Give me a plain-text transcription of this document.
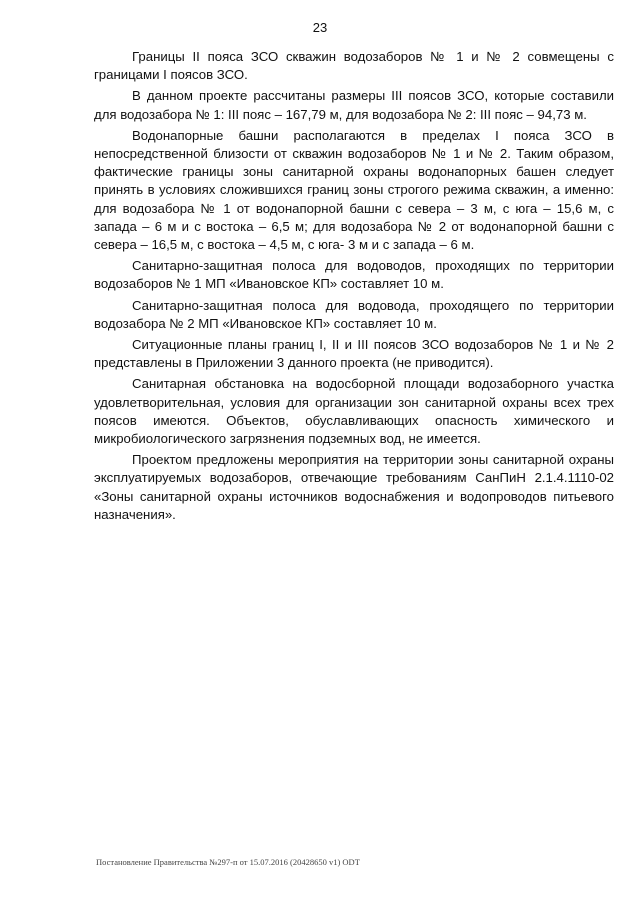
23

Границы II пояса ЗСО скважин водозаборов № 1 и № 2 совмещены с границами I поясов ЗСО.

В данном проекте рассчитаны размеры III поясов ЗСО, которые составили для водозабора № 1: III пояс – 167,79 м, для водозабора № 2: III пояс – 94,73 м.

Водонапорные башни располагаются в пределах I пояса ЗСО в непосредственной близости от скважин водозаборов № 1 и № 2. Таким образом, фактические границы зоны санитарной охраны водонапорных башен следует принять в условиях сложившихся границ зоны строгого режима скважин, а именно: для водозабора № 1 от водонапорной башни с севера – 3 м, с юга – 15,6 м, с запада – 6 м и с востока – 6,5 м; для водозабора № 2 от водонапорной башни с севера – 16,5 м, с востока – 4,5 м, с юга- 3 м и с запада – 6 м.

Санитарно-защитная полоса для водоводов, проходящих по территории водозаборов № 1 МП «Ивановское КП» составляет 10 м.

Санитарно-защитная полоса для водовода, проходящего по территории водозабора № 2 МП «Ивановское КП» составляет 10 м.

Ситуационные планы границ I, II и III поясов ЗСО водозаборов № 1 и № 2 представлены в Приложении 3 данного проекта (не приводится).

Санитарная обстановка на водосборной площади водозаборного участка удовлетворительная, условия для организации зон санитарной охраны всех трех поясов имеются. Объектов, обуславливающих опасность химического и микробиологического загрязнения подземных вод, не имеется.

Проектом предложены мероприятия на территории зоны санитарной охраны эксплуатируемых водозаборов, отвечающие требованиям СанПиН 2.1.4.1110-02 «Зоны санитарной охраны источников водоснабжения и водопроводов питьевого назначения».

Постановление Правительства №297-п от 15.07.2016 (20428650 v1) ODT
